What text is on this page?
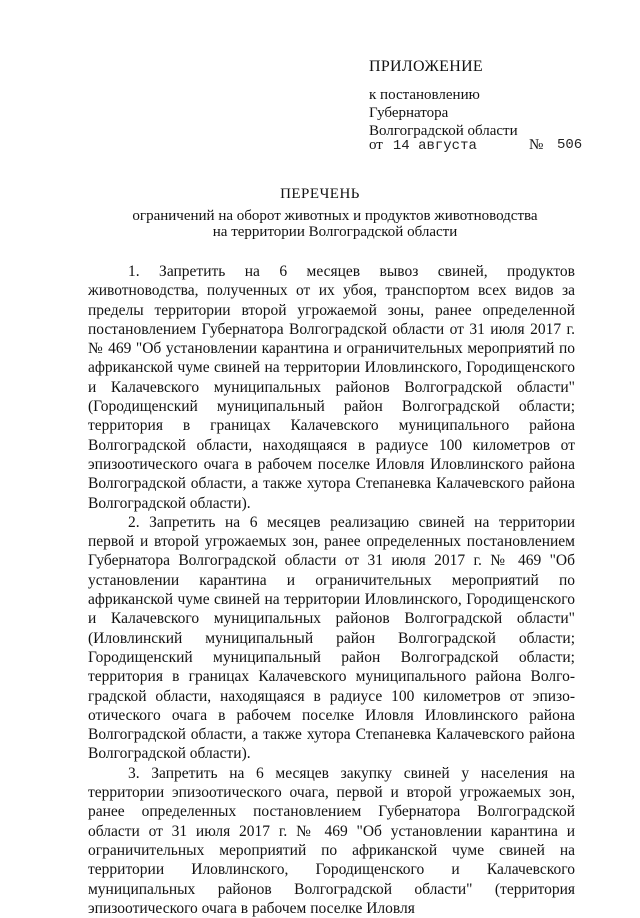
ПРИЛОЖЕНИЕ
к постановлению
Губернатора
Волгоградской области
от 14 августа	№ 506
ПЕРЕЧЕНЬ
ограничений на оборот животных и продуктов животноводства
на территории Волгоградской области

1. Запретить на 6 месяцев вывоз свиней, продуктов животноводства, полученных от их убоя, транспортом всех видов за пределы территории второй угрожаемой зоны, ранее определенной постановлением Губернатора Волгоградской области от 31 июля 2017 г. № 469 "Об установлении карантина и ограничительных мероприятий по африканской чуме свиней на территории Иловлинского, Городищенского и Калачевского муниципальных районов Волгоградской области" (Городищенский муниципальный район Волгоградской области; территория в границах Калачевского муниципального района Волгоградской области, находящаяся в радиусе 100 километров от эпизоотического очага в рабочем поселке Иловля Иловлинского района Волгоградской области, а также хутора Степаневка Калачевского района Волгоградской области).

2. Запретить на 6 месяцев реализацию свиней на территории первой и второй угрожаемых зон, ранее определенных постановлением Губернатора Волгоградской области от 31 июля 2017 г. № 469 "Об установлении карантина и ограничительных мероприятий по африканской чуме свиней на территории Иловлинского, Городищенского и Калачевского муниципальных районов Волгоградской области" (Иловлинский муниципальный район Волгоградской области; Городищенский муниципальный район Волгоградской области; территория в границах Калачевского муниципального района Волгоградской области, находящаяся в радиусе 100 километров от эпизоотического очага в рабочем поселке Иловля Иловлинского района Волгоградской области, а также хутора Степаневка Калачевского района Волгоградской области).

3. Запретить на 6 месяцев закупку свиней у населения на территории эпизоотического очага, первой и второй угрожаемых зон, ранее определенных постановлением Губернатора Волгоградской области от 31 июля 2017 г. № 469 "Об установлении карантина и ограничительных мероприятий по африканской чуме свиней на территории Иловлинского, Городищенского и Калачевского муниципальных районов Волгоградской области" (территория эпизоотического очага в рабочем поселке Иловля
